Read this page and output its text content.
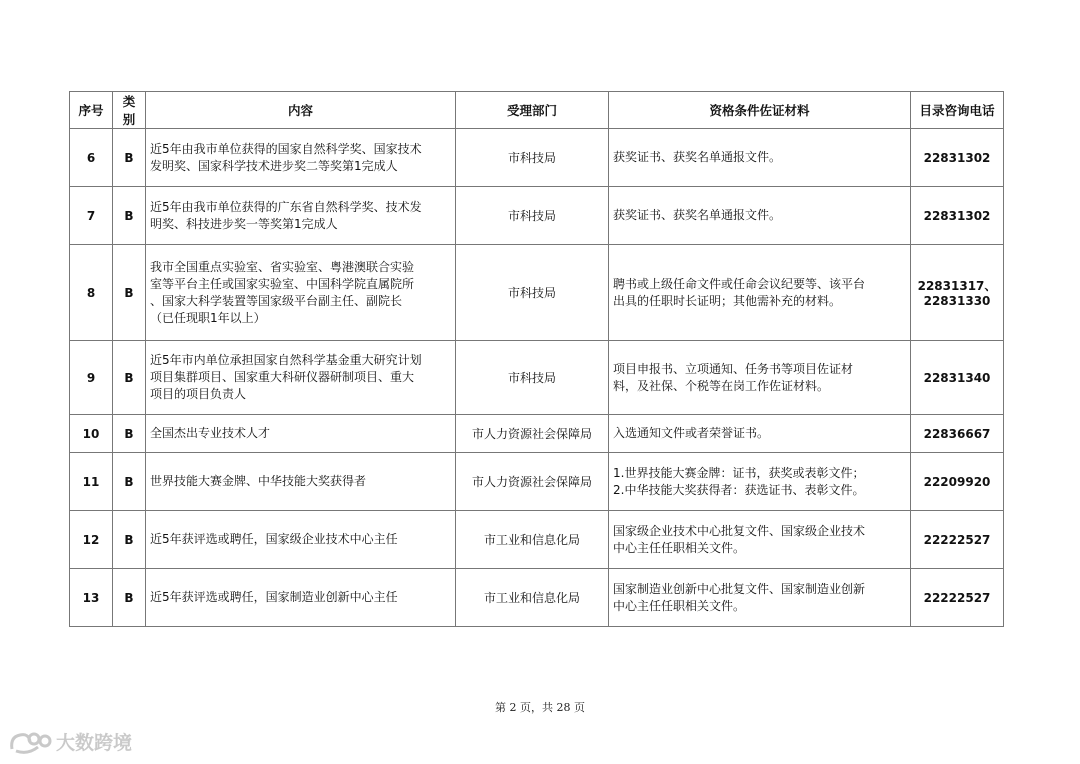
序号	类别	内容	受理部门	资格条件佐证材料	目录咨询电话
6	B	近5年由我市单位获得的国家自然科学奖、国家技术
发明奖、国家科学技术进步奖二等奖第1完成人	市科技局	获奖证书、获奖名单通报文件。	22831302

7	B	近5年由我市单位获得的广东省自然科学奖、技术发
明奖、科技进步奖一等奖第1完成人	市科技局	获奖证书、获奖名单通报文件。	22831302

8	B	我市全国重点实验室、省实验室、粤港澳联合实验
室等平台主任或国家实验室、中国科学院直属院所
、国家大科学装置等国家级平台副主任、副院长
（已任现职1年以上）	市科技局	聘书或上级任命文件或任命会议纪要等、该平台
出具的任职时长证明；其他需补充的材料。	22831317、
22831330

9	B	近5年市内单位承担国家自然科学基金重大研究计划
项目集群项目、国家重大科研仪器研制项目、重大
项目的项目负责人	市科技局	项目申报书、立项通知、任务书等项目佐证材
料，及社保、个税等在岗工作佐证材料。	22831340

10	B	全国杰出专业技术人才	市人力资源社会保障局	入选通知文件或者荣誉证书。	22836667

11	B	世界技能大赛金牌、中华技能大奖获得者	市人力资源社会保障局	1.世界技能大赛金牌：证书，获奖或表彰文件；
2.中华技能大奖获得者：获选证书、表彰文件。	22209920

12	B	近5年获评选或聘任，国家级企业技术中心主任	市工业和信息化局	国家级企业技术中心批复文件、国家级企业技术
中心主任任职相关文件。	22222527

13	B	近5年获评选或聘任，国家制造业创新中心主任	市工业和信息化局	国家制造业创新中心批复文件、国家制造业创新
中心主任任职相关文件。	22222527
第 2 页，共 28 页
大数跨境
